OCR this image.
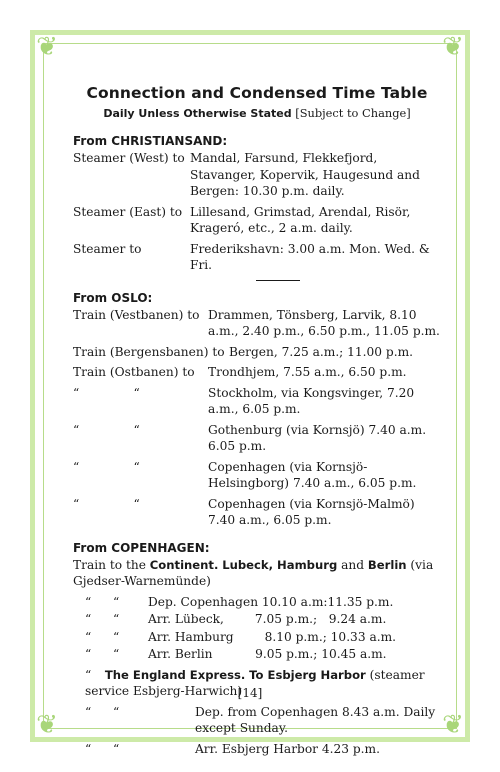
❦	❦
❦	❦
Connection and Condensed Time Table
Daily Unless Otherwise Stated [Subject to Change]
From CHRISTIANSAND:
Steamer (West) to Mandal, Farsund, Flekkefjord, Stavanger, Kopervik, Haugesund and Bergen: 10.30 p.m. daily.
Steamer (East) to Lillesand, Grimstad, Arendal, Risör, Krageró, etc., 2 a.m. daily.
Steamer to	Frederikshavn: 3.00 a.m. Mon. Wed. & Fri.
From OSLO:
Train (Vestbanen) to Drammen, Tönsberg, Larvik, 8.10 a.m., 2.40 p.m., 6.50 p.m., 11.05 p.m.
Train (Bergensbanen) to Bergen, 7.25 a.m.; 11.00 p.m.
Train (Ostbanen) to	Trondhjem, 7.55 a.m., 6.50 p.m.
“              “	Stockholm, via Kongsvinger, 7.20 a.m., 6.05 p.m.
“              “	Gothenburg (via Kornsjö) 7.40 a.m. 6.05 p.m.
“              “	Copenhagen (via Kornsjö-Helsingborg) 7.40 a.m., 6.05 p.m.
“              “	Copenhagen (via Kornsjö-Malmö) 7.40 a.m., 6.05 p.m.
From COPENHAGEN:
Train to the Continent. Lubeck, Hamburg and Berlin (via Gjedser-Warnemünde)
“	“	Dep. Copenhagen 10.10 a.m:11.35 p.m.
“	“	Arr. Lübeck,        7.05 p.m.;   9.24 a.m.
“	“	Arr. Hamburg        8.10 p.m.; 10.33 a.m.
“	“	Arr. Berlin           9.05 p.m.; 10.45 a.m.
“ The England Express. To Esbjerg Harbor (steamer service Esbjerg-Harwich)
“	“	Dep. from Copenhagen 8.43 a.m. Daily except Sunday.
“	“	Arr. Esbjerg Harbor 4.23 p.m.
[14]
